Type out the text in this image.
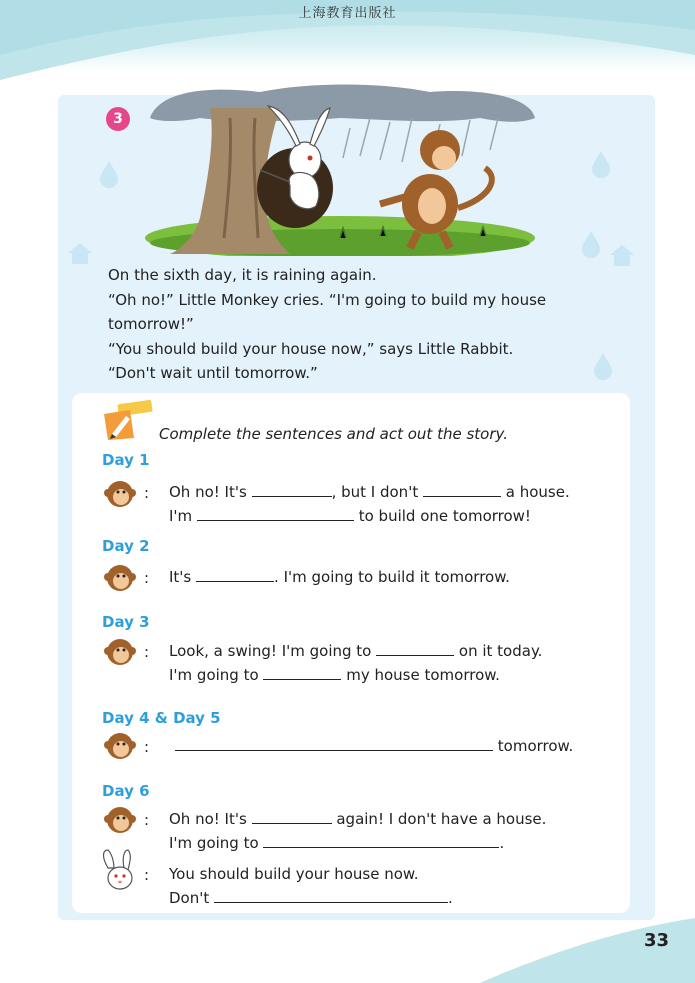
上海教育出版社
3

On the sixth day, it is raining again.

“Oh no!” Little Monkey cries. “I'm going to build my house

tomorrow!”

“You should build your house now,” says Little Rabbit.

“Don't wait until tomorrow.”

Complete the sentences and act out the story.
Day 1
: Oh no! It's	, but I don't	a house.
I'm	to build one tomorrow!
Day 2
: It's	. I'm going to build it tomorrow.
Day 3
: Look, a swing! I'm going to	on it today.
I'm going to	my house tomorrow.
Day 4 & Day 5
:	tomorrow.
Day 6
: Oh no! It's	again! I don't have a house.
I'm going to	.
: You should build your house now.
Don't	.
33
